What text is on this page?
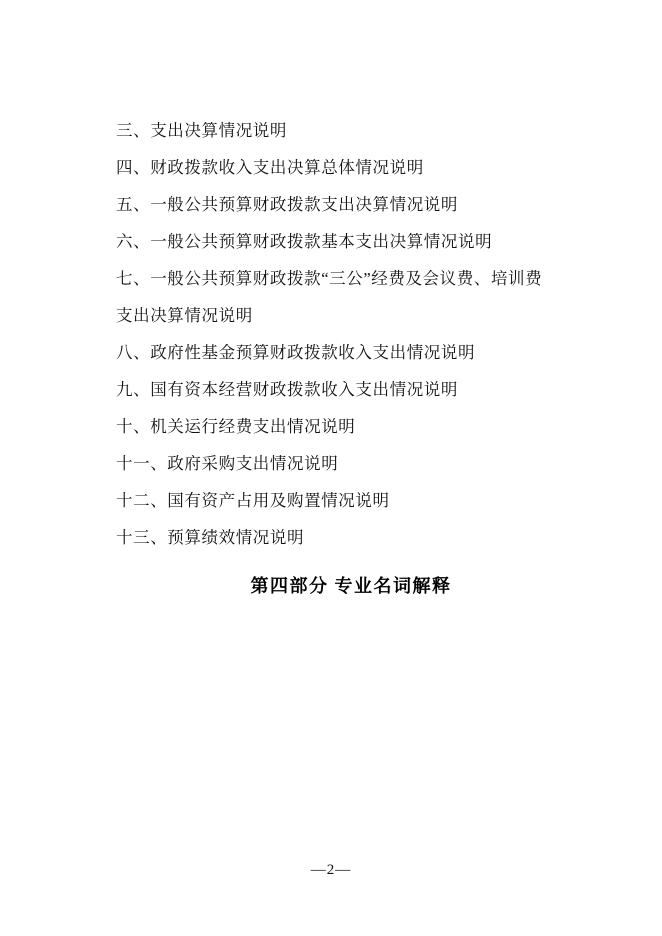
三、支出决算情况说明
四、财政拨款收入支出决算总体情况说明
五、一般公共预算财政拨款支出决算情况说明
六、一般公共预算财政拨款基本支出决算情况说明
七、一般公共预算财政拨款“三公”经费及会议费、培训费
支出决算情况说明
八、政府性基金预算财政拨款收入支出情况说明
九、国有资本经营财政拨款收入支出情况说明
十、机关运行经费支出情况说明
十一、政府采购支出情况说明
十二、国有资产占用及购置情况说明
十三、预算绩效情况说明
第四部分 专业名词解释
—2—
